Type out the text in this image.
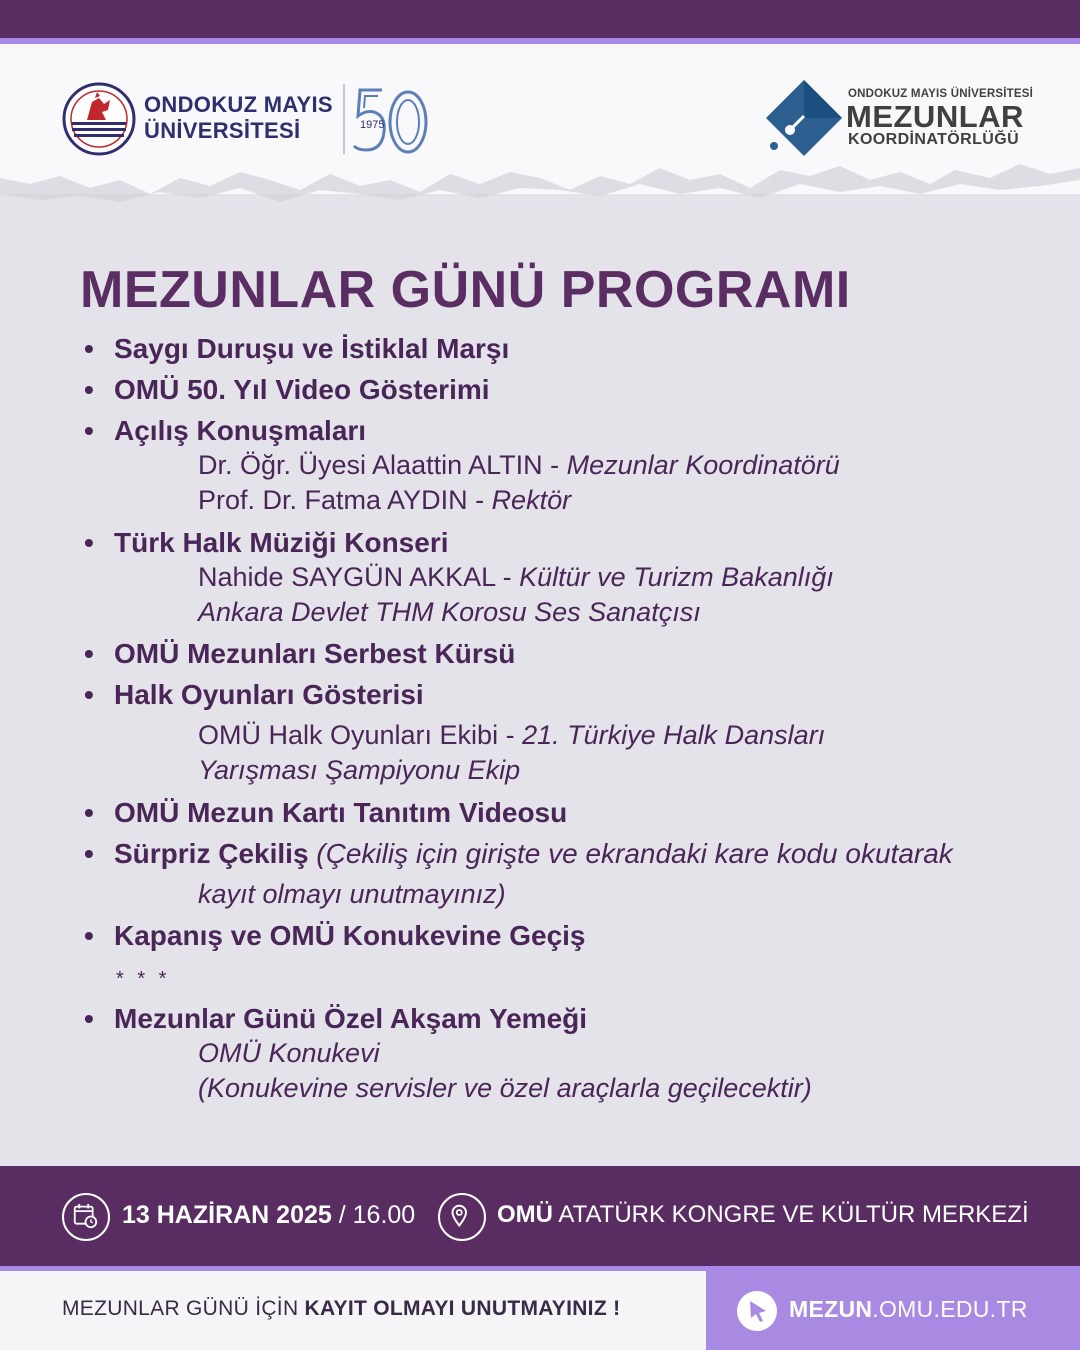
ONDOKUZ MAYIS
ÜNİVERSİTESİ	1975
ONDOKUZ MAYIS ÜNİVERSİTESİ
MEZUNLAR
KOORDİNATÖRLÜĞÜ
MEZUNLAR GÜNÜ PROGRAMI
• Saygı Duruşu ve İstiklal Marşı
• OMÜ 50. Yıl Video Gösterimi
• Açılış Konuşmaları
Dr. Öğr. Üyesi Alaattin ALTIN - Mezunlar Koordinatörü
Prof. Dr. Fatma AYDIN - Rektör
• Türk Halk Müziği Konseri
Nahide SAYGÜN AKKAL - Kültür ve Turizm Bakanlığı
Ankara Devlet THM Korosu Ses Sanatçısı
• OMÜ Mezunları Serbest Kürsü
• Halk Oyunları Gösterisi
OMÜ Halk Oyunları Ekibi - 21. Türkiye Halk Dansları
Yarışması Şampiyonu Ekip
• OMÜ Mezun Kartı Tanıtım Videosu
• Sürpriz Çekiliş (Çekiliş için girişte ve ekrandaki kare kodu okutarak
kayıt olmayı unutmayınız)
• Kapanış ve OMÜ Konukevine Geçiş
* * *
• Mezunlar Günü Özel Akşam Yemeği
OMÜ Konukevi
(Konukevine servisler ve özel araçlarla geçilecektir)
13 HAZİRAN 2025 / 16.00	OMÜ ATATÜRK KONGRE VE KÜLTÜR MERKEZİ
MEZUNLAR GÜNÜ İÇİN KAYIT OLMAYI UNUTMAYINIZ !	MEZUN.OMU.EDU.TR
